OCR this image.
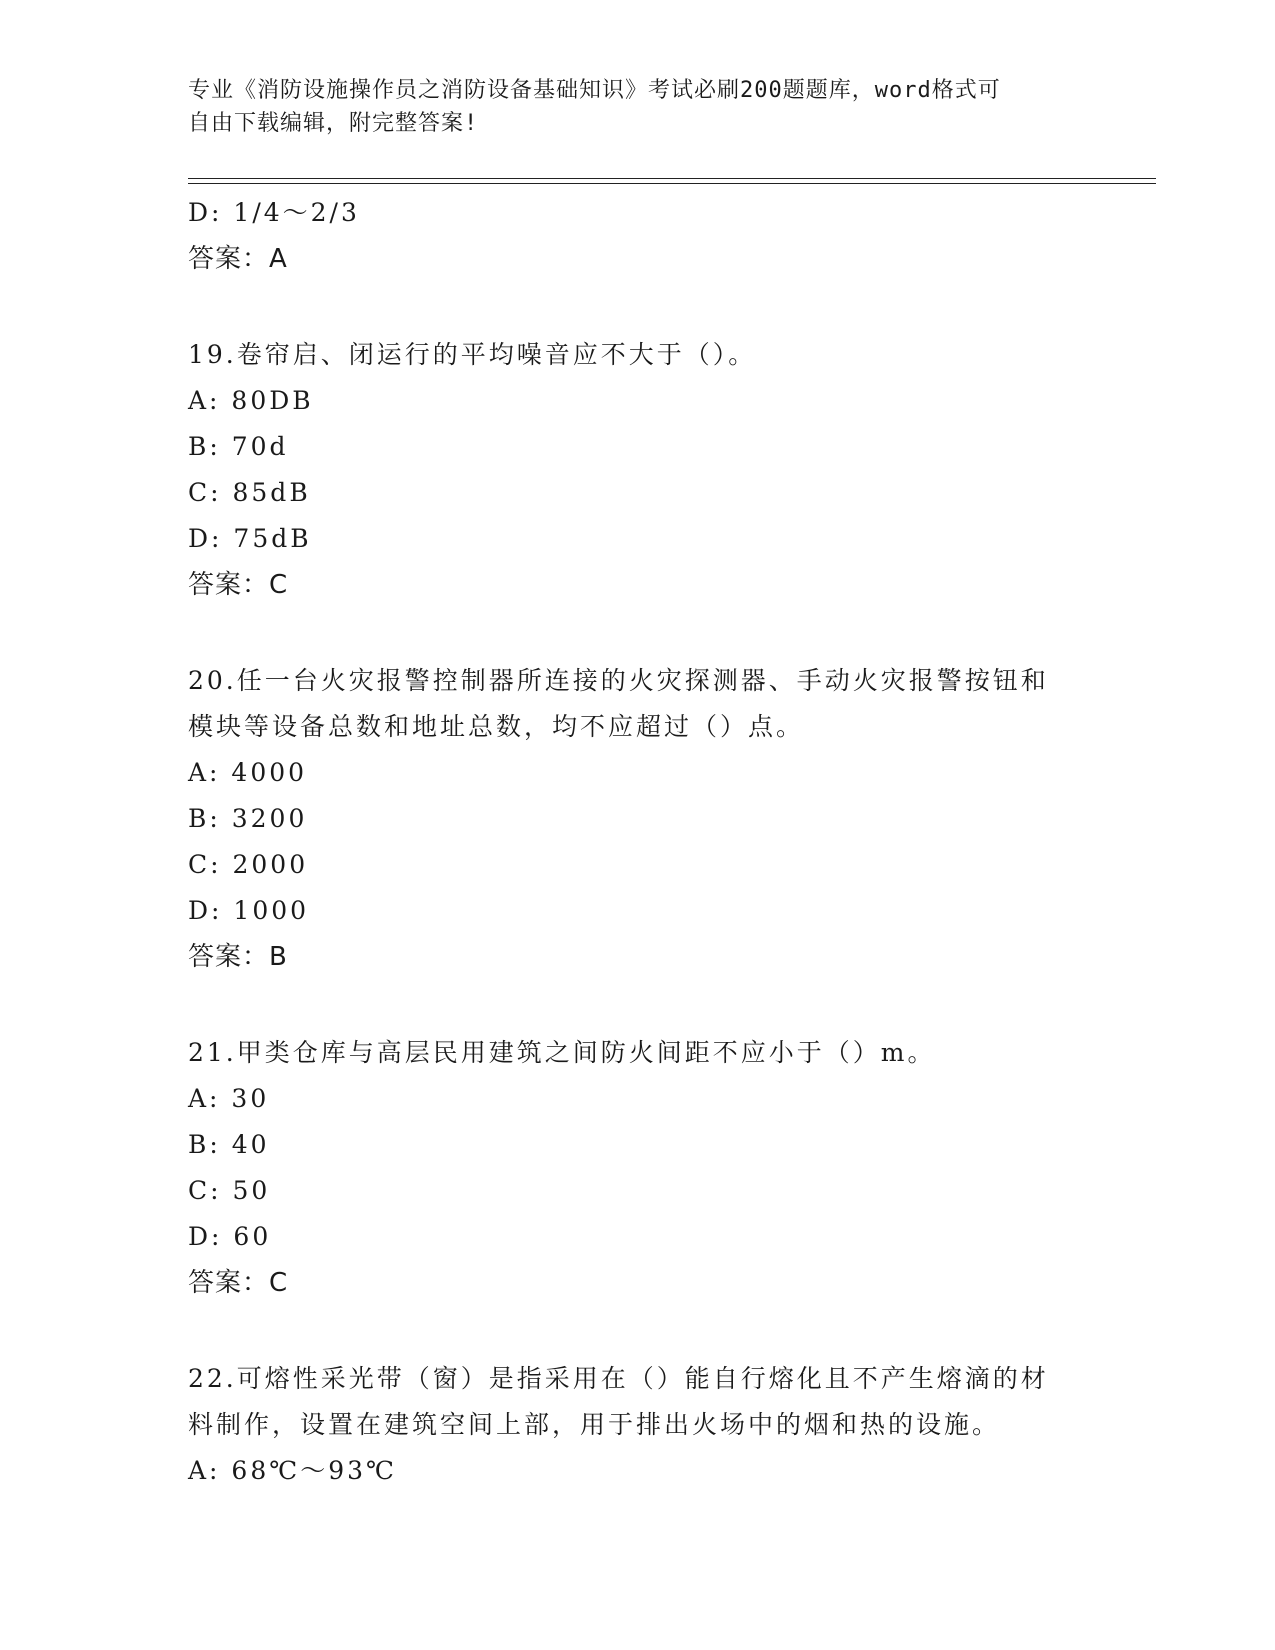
专业《消防设施操作员之消防设备基础知识》考试必刷200题题库，word格式可
自由下载编辑，附完整答案!
D: 1/4～2/3
答案：A
19.卷帘启、闭运行的平均噪音应不大于（）。
A: 80DB
B: 70d
C: 85dB
D: 75dB
答案：C
20.任一台火灾报警控制器所连接的火灾探测器、手动火灾报警按钮和
模块等设备总数和地址总数，均不应超过（）点。
A: 4000
B: 3200
C: 2000
D: 1000
答案：B
21.甲类仓库与高层民用建筑之间防火间距不应小于（）m。
A: 30
B: 40
C: 50
D: 60
答案：C
22.可熔性采光带（窗）是指采用在（）能自行熔化且不产生熔滴的材
料制作，设置在建筑空间上部，用于排出火场中的烟和热的设施。
A: 68℃～93℃
